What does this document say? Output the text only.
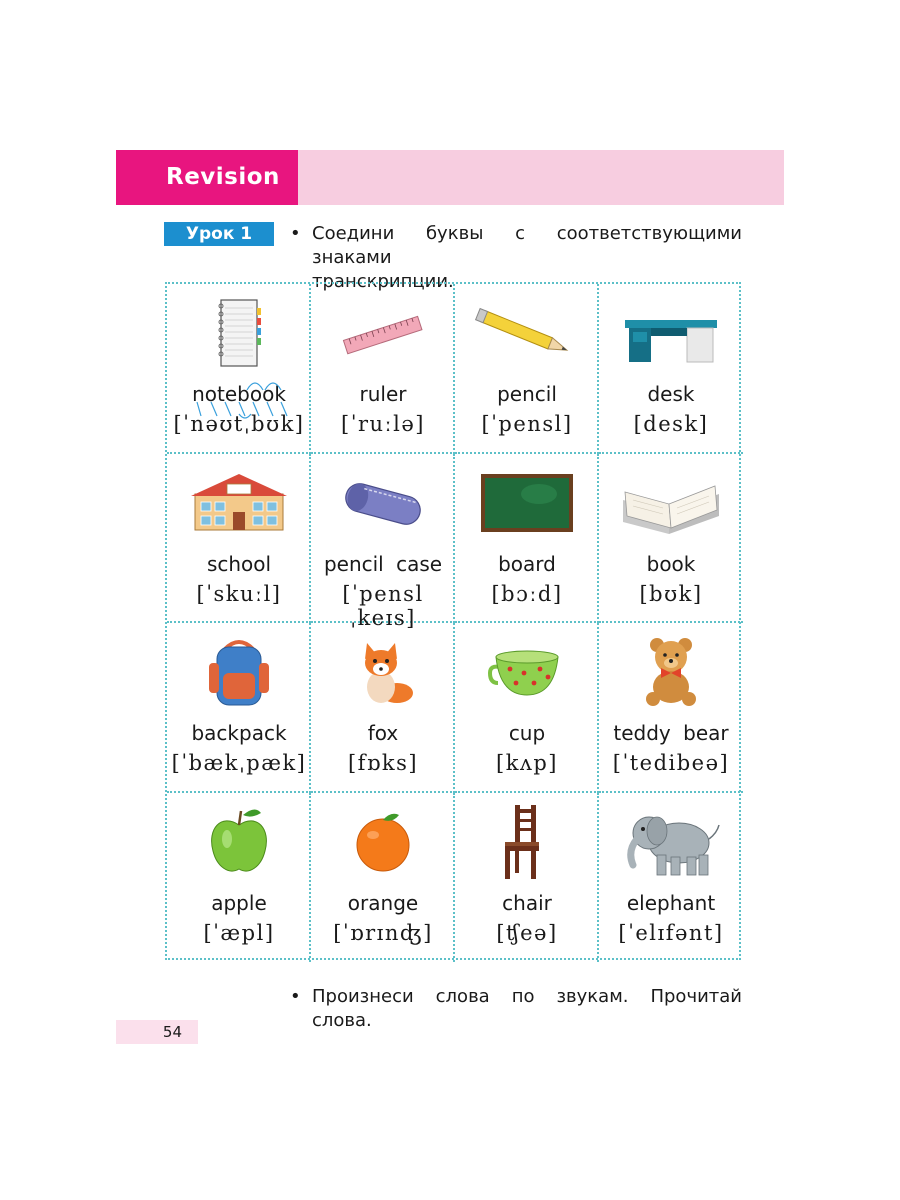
Revision
Урок 1	• Соедини буквы с соответствующими знаками
транскрипции.
notebook
[ˈnəʊtˌbʊk]
ruler
[ˈruːlə]
pencil
[ˈpensl]
desk
[desk]
school
[ˈskuːl]
pencil case
[ˈpenslˌkeɪs]
board
[bɔːd]
book
[bʊk]
backpack
[ˈbækˌpæk]
fox
[fɒks]
cup
[kʌp]
teddy bear
[ˈtedibeə]
apple
[ˈæpl]
orange
[ˈɒrɪnʤ]
chair
[ʧeə]
elephant
[ˈelɪfənt]
• Произнеси слова по звукам. Прочитай слова.
54
